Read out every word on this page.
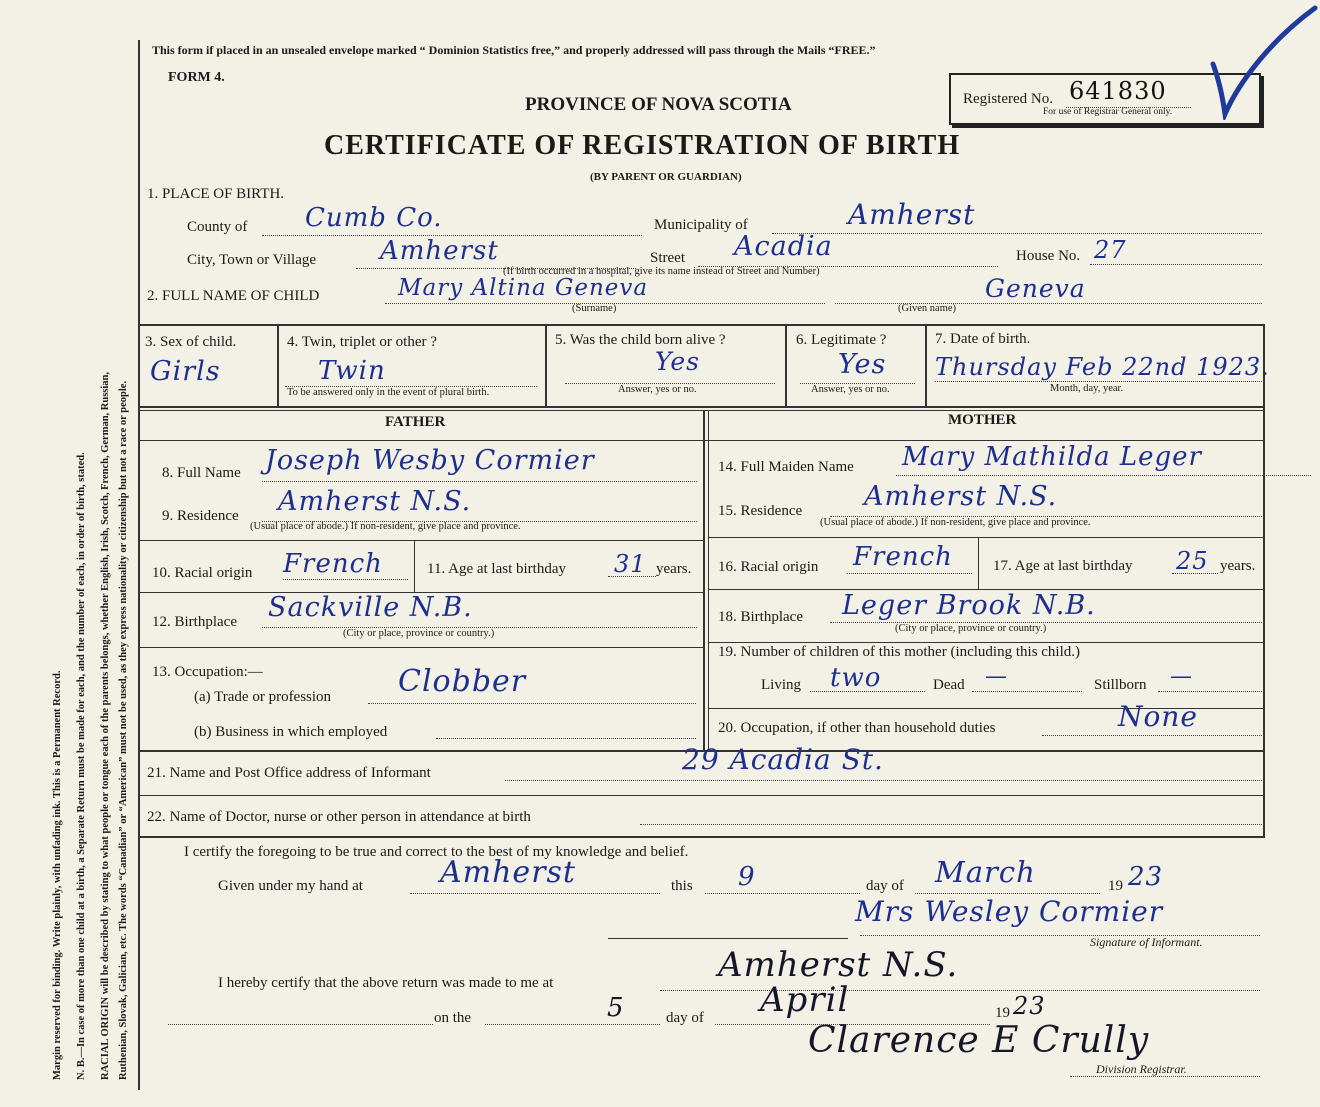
Margin reserved for binding. Write plainly, with unfading ink. This is a Permanent Record. N. B.—In case of more than one child at a birth, a Separate Return must be made for each, and the number of each, in order of birth, stated. RACIAL ORIGIN will be described by stating to what people or tongue each of the parents belongs, whether English, Irish, Scotch, French, German, Russian, Ruthenian, Slovak, Galician, etc. The words “Canadian” or “American” must not be used, as they express nationality or citizenship but not a race or people.
This form if placed in an unsealed envelope marked “ Dominion Statistics free,” and properly addressed will pass through the Mails “FREE.”
FORM 4.
PROVINCE OF NOVA SCOTIA
CERTIFICATE OF REGISTRATION OF BIRTH
(BY PARENT OR GUARDIAN)
Registered No. 641830
For use of Registrar General only.
1. PLACE OF BIRTH.
County of Cumb Co.	Municipality of	Amherst
City, Town or Village Amherst	Street Acadia	House No. 27
(If birth occurred in a hospital, give its name instead of Street and Number)
2. FULL NAME OF CHILD	Mary Altina Geneva
(Surname)
Geneva
(Given name)
3. Sex of child.
Girls
4. Twin, triplet or other ?
Twin
To be answered only in the event of plural birth.
5. Was the child born alive ?
Yes
Answer, yes or no.
6. Legitimate ?
Yes
Answer, yes or no.
7. Date of birth.
Thursday Feb 22nd 1923.
Month, day, year.
FATHER	MOTHER
8. Full Name Joseph Wesby Cormier
9. Residence Amherst N.S.
(Usual place of abode.) If non-resident, give place and province.
10. Racial origin French	11. Age at last birthday 31 years.
12. Birthplace Sackville N.B.
(City or place, province or country.)
13. Occupation:—
(a) Trade or profession Clobber
(b) Business in which employed
14. Full Maiden Name Mary Mathilda Leger
15. Residence Amherst N.S.
(Usual place of abode.) If non-resident, give place and province.
16. Racial origin French	17. Age at last birthday 25 years.
18. Birthplace Leger Brook N.B.
(City or place, province or country.)
19. Number of children of this mother (including this child.)
Living two	Dead —	Stillborn —
20. Occupation, if other than household duties	None
21. Name and Post Office address of Informant	29 Acadia St.
22. Name of Doctor, nurse or other person in attendance at birth
I certify the foregoing to be true and correct to the best of my knowledge and belief.
Given under my hand at	Amherst	this 9	day of March	19 23
Mrs Wesley Cormier
Signature of Informant.
I hereby certify that the above return was made to me at	Amherst N.S.
on the	5	day of April	19 23
Clarence E Crully
Division Registrar.
